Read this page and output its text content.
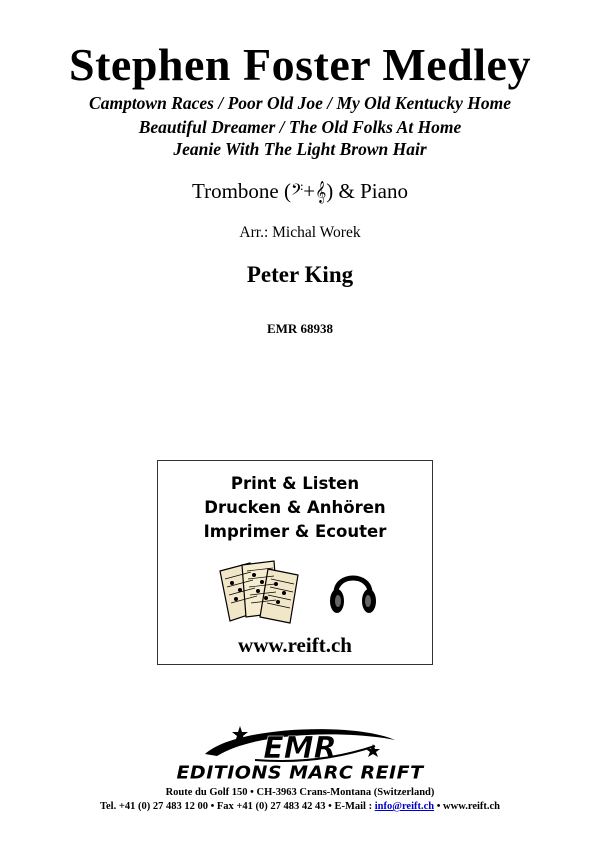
Stephen Foster Medley
Camptown Races / Poor Old Joe / My Old Kentucky Home
Beautiful Dreamer / The Old Folks At Home
Jeanie With The Light Brown Hair
Trombone (𝄢+𝄞) & Piano
Arr.: Michal Worek
Peter King
EMR 68938
Print & Listen
Drucken & Anhören
Imprimer & Ecouter
www.reift.ch
EMR
EDITIONS MARC REIFT
Route du Golf 150 • CH-3963 Crans-Montana (Switzerland)
Tel. +41 (0) 27 483 12 00 • Fax +41 (0) 27 483 42 43 • E-Mail : info@reift.ch • www.reift.ch
